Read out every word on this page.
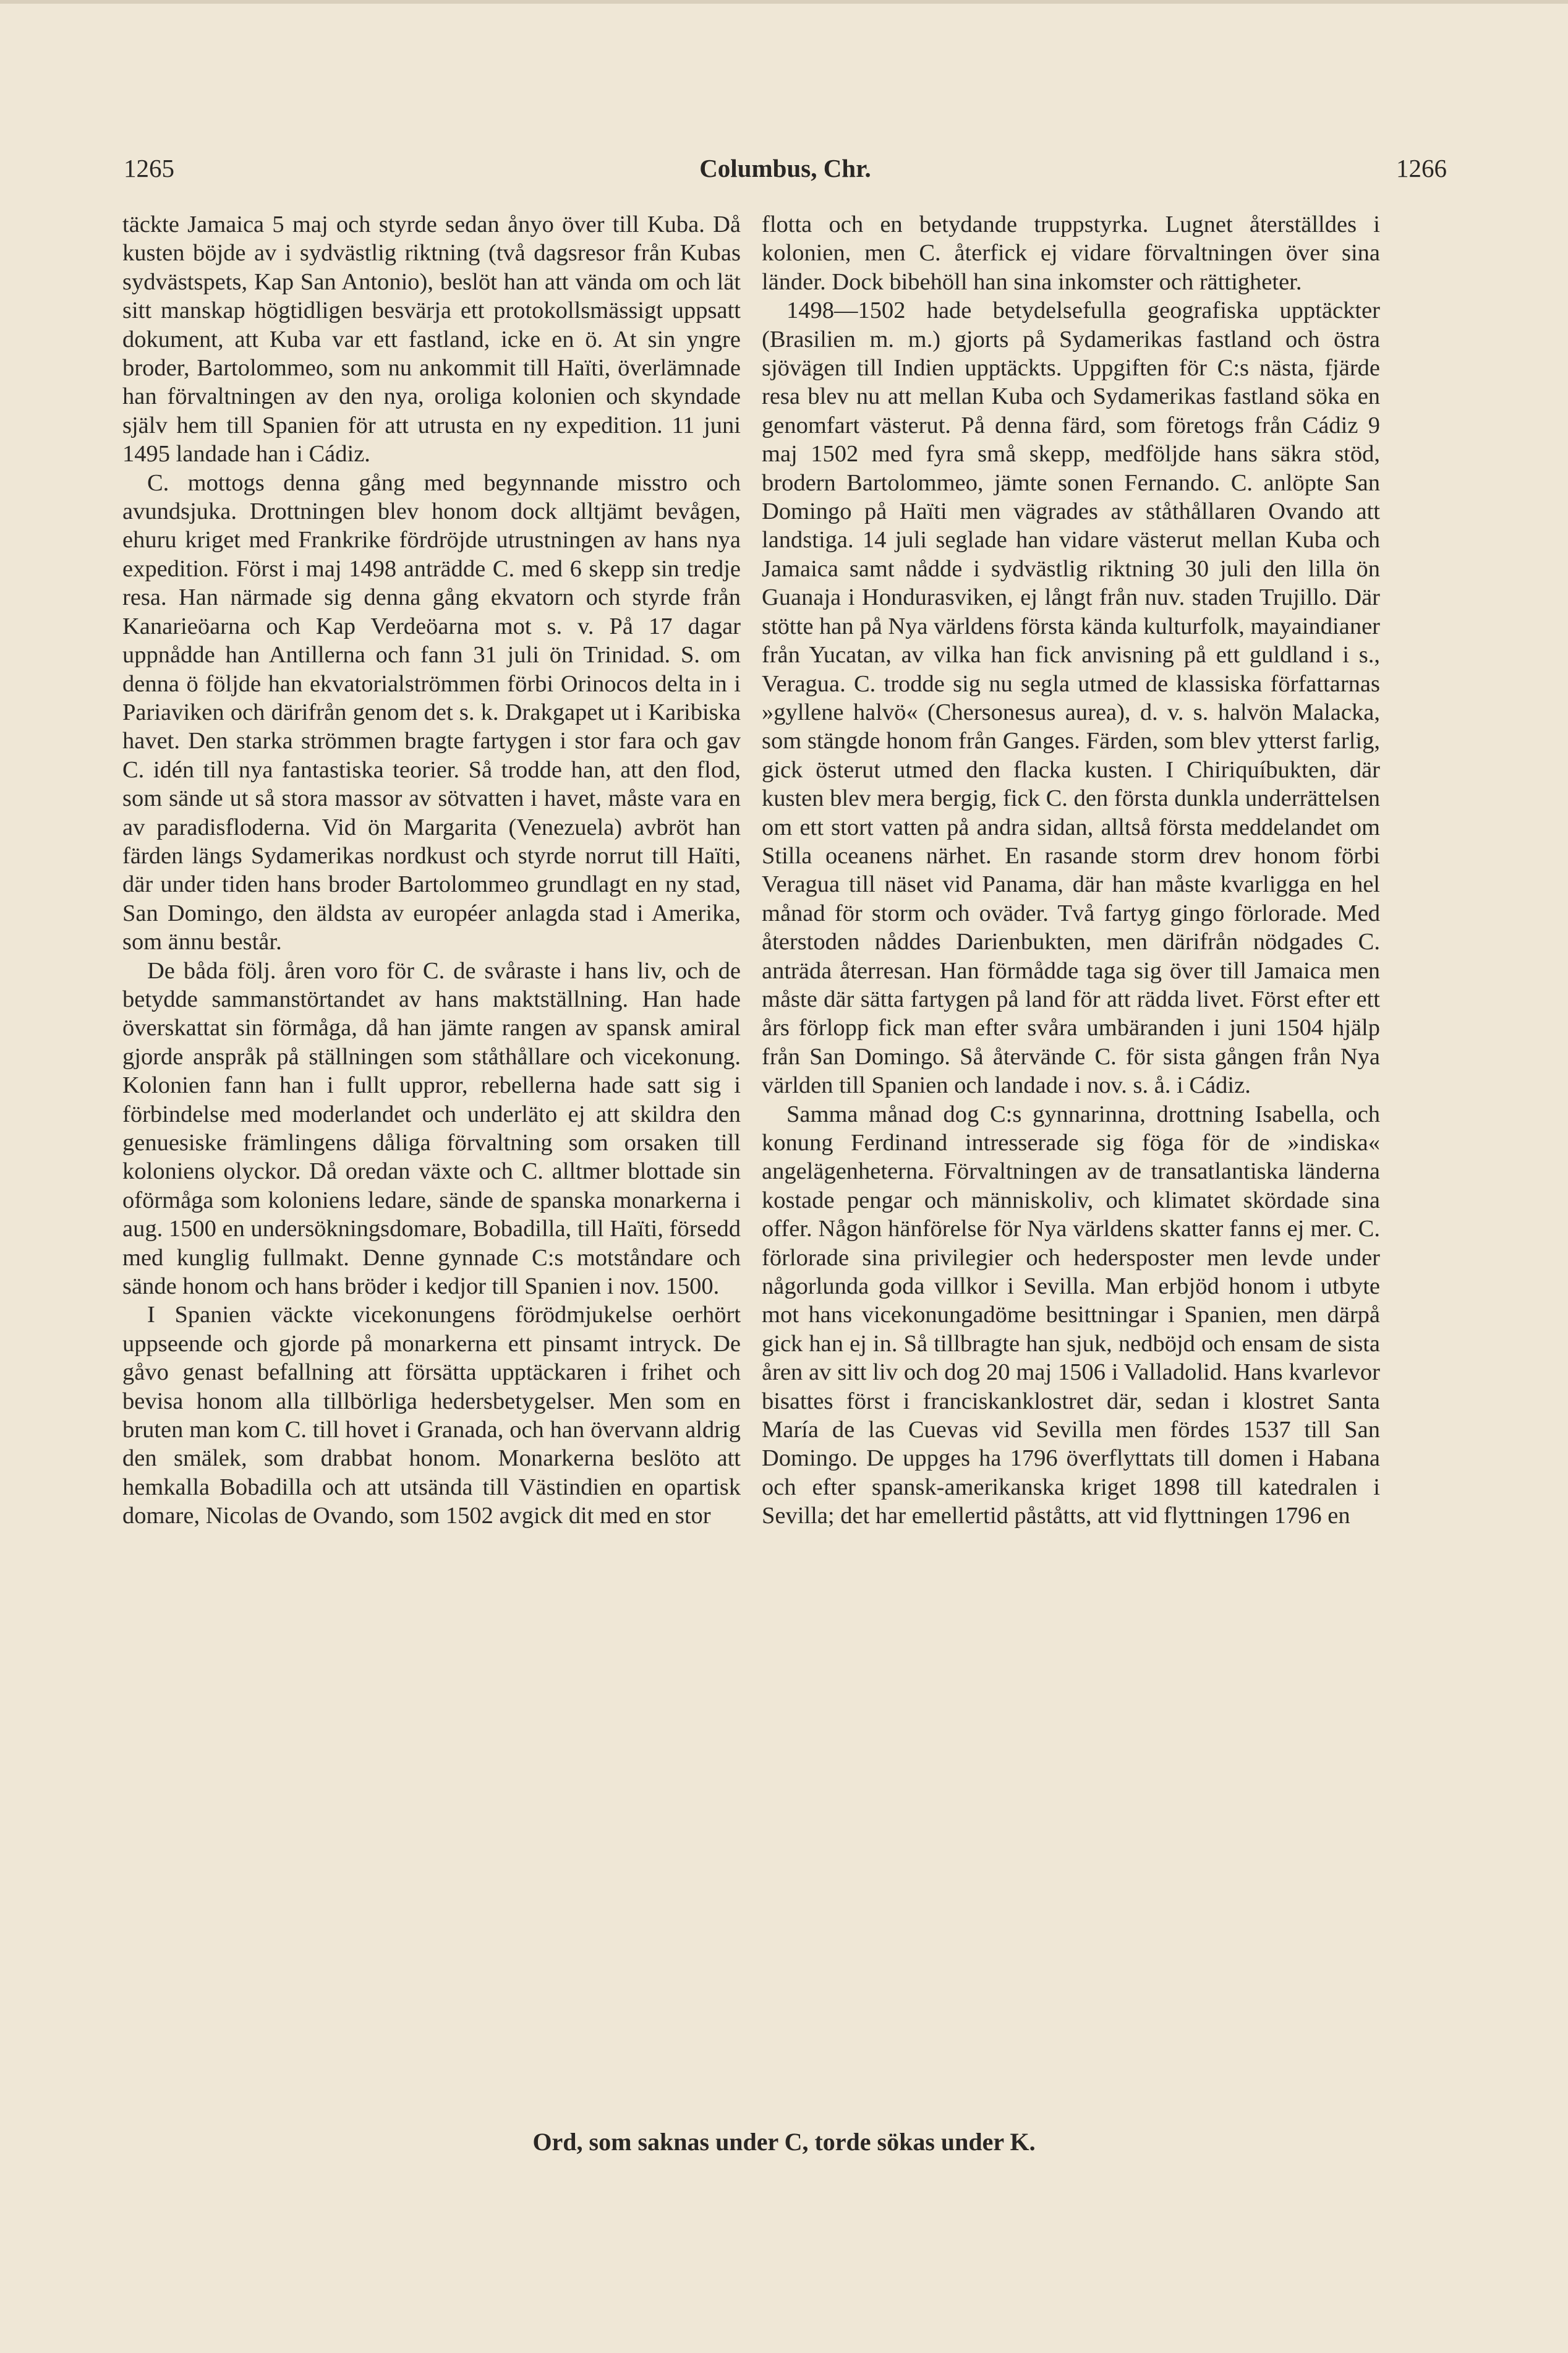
1265	Columbus, Chr.	1266

täckte Jamaica 5 maj och styrde sedan ånyo över till Kuba. Då kusten böjde av i sydvästlig riktning (två dagsresor från Kubas sydvästspets, Kap San Antonio), beslöt han att vända om och lät sitt manskap högtidligen besvärja ett protokollsmässigt uppsatt dokument, att Kuba var ett fastland, icke en ö. At sin yngre broder, Bartolommeo, som nu ankommit till Haïti, överlämnade han förvaltningen av den nya, oroliga kolonien och skyndade själv hem till Spanien för att utrusta en ny expedition. 11 juni 1495 landade han i Cádiz.

C. mottogs denna gång med begynnande misstro och avundsjuka. Drottningen blev honom dock alltjämt bevågen, ehuru kriget med Frankrike fördröjde utrustningen av hans nya expedition. Först i maj 1498 anträdde C. med 6 skepp sin tredje resa. Han närmade sig denna gång ekvatorn och styrde från Kanarieöarna och Kap Verdeöarna mot s. v. På 17 dagar uppnådde han Antillerna och fann 31 juli ön Trinidad. S. om denna ö följde han ekvatorialströmmen förbi Orinocos delta in i Pariaviken och därifrån genom det s. k. Drakgapet ut i Karibiska havet. Den starka strömmen bragte fartygen i stor fara och gav C. idén till nya fantastiska teorier. Så trodde han, att den flod, som sände ut så stora massor av sötvatten i havet, måste vara en av paradisfloderna. Vid ön Margarita (Venezuela) avbröt han färden längs Sydamerikas nordkust och styrde norrut till Haïti, där under tiden hans broder Bartolommeo grundlagt en ny stad, San Domingo, den äldsta av européer anlagda stad i Amerika, som ännu består.

De båda följ. åren voro för C. de svåraste i hans liv, och de betydde sammanstörtandet av hans maktställning. Han hade överskattat sin förmåga, då han jämte rangen av spansk amiral gjorde anspråk på ställningen som ståthållare och vicekonung. Kolonien fann han i fullt uppror, rebellerna hade satt sig i förbindelse med moderlandet och underläto ej att skildra den genuesiske främlingens dåliga förvaltning som orsaken till koloniens olyckor. Då oredan växte och C. alltmer blottade sin oförmåga som koloniens ledare, sände de spanska monarkerna i aug. 1500 en undersökningsdomare, Bobadilla, till Haïti, försedd med kunglig fullmakt. Denne gynnade C:s motståndare och sände honom och hans bröder i kedjor till Spanien i nov. 1500.

I Spanien väckte vicekonungens förödmjukelse oerhört uppseende och gjorde på monarkerna ett pinsamt intryck. De gåvo genast befallning att försätta upptäckaren i frihet och bevisa honom alla tillbörliga hedersbetygelser. Men som en bruten man kom C. till hovet i Granada, och han övervann aldrig den smälek, som drabbat honom. Monarkerna beslöto att hemkalla Bobadilla och att utsända till Västindien en opartisk domare, Nicolas de Ovando, som 1502 avgick dit med en stor

flotta och en betydande truppstyrka. Lugnet återställdes i kolonien, men C. återfick ej vidare förvaltningen över sina länder. Dock bibehöll han sina inkomster och rättigheter.

1498—1502 hade betydelsefulla geografiska upptäckter (Brasilien m. m.) gjorts på Sydamerikas fastland och östra sjövägen till Indien upptäckts. Uppgiften för C:s nästa, fjärde resa blev nu att mellan Kuba och Sydamerikas fastland söka en genomfart västerut. På denna färd, som företogs från Cádiz 9 maj 1502 med fyra små skepp, medföljde hans säkra stöd, brodern Bartolommeo, jämte sonen Fernando. C. anlöpte San Domingo på Haïti men vägrades av ståthållaren Ovando att landstiga. 14 juli seglade han vidare västerut mellan Kuba och Jamaica samt nådde i sydvästlig riktning 30 juli den lilla ön Guanaja i Hondurasviken, ej långt från nuv. staden Trujillo. Där stötte han på Nya världens första kända kulturfolk, mayaindianer från Yucatan, av vilka han fick anvisning på ett guldland i s., Veragua. C. trodde sig nu segla utmed de klassiska författarnas »gyllene halvö« (Chersonesus aurea), d. v. s. halvön Malacka, som stängde honom från Ganges. Färden, som blev ytterst farlig, gick österut utmed den flacka kusten. I Chiriquíbukten, där kusten blev mera bergig, fick C. den första dunkla underrättelsen om ett stort vatten på andra sidan, alltså första meddelandet om Stilla oceanens närhet. En rasande storm drev honom förbi Veragua till näset vid Panama, där han måste kvarligga en hel månad för storm och oväder. Två fartyg gingo förlorade. Med återstoden nåddes Darienbukten, men därifrån nödgades C. anträda återresan. Han förmådde taga sig över till Jamaica men måste där sätta fartygen på land för att rädda livet. Först efter ett års förlopp fick man efter svåra umbäranden i juni 1504 hjälp från San Domingo. Så återvände C. för sista gången från Nya världen till Spanien och landade i nov. s. å. i Cádiz.

Samma månad dog C:s gynnarinna, drottning Isabella, och konung Ferdinand intresserade sig föga för de »indiska« angelägenheterna. Förvaltningen av de transatlantiska länderna kostade pengar och människoliv, och klimatet skördade sina offer. Någon hänförelse för Nya världens skatter fanns ej mer. C. förlorade sina privilegier och hedersposter men levde under någorlunda goda villkor i Sevilla. Man erbjöd honom i utbyte mot hans vicekonungadöme besittningar i Spanien, men därpå gick han ej in. Så tillbragte han sjuk, nedböjd och ensam de sista åren av sitt liv och dog 20 maj 1506 i Valladolid. Hans kvarlevor bisattes först i franciskanklostret där, sedan i klostret Santa María de las Cuevas vid Sevilla men fördes 1537 till San Domingo. De uppges ha 1796 överflyttats till domen i Habana och efter spansk-amerikanska kriget 1898 till katedralen i Sevilla; det har emellertid påståtts, att vid flyttningen 1796 en

Ord, som saknas under C, torde sökas under K.
